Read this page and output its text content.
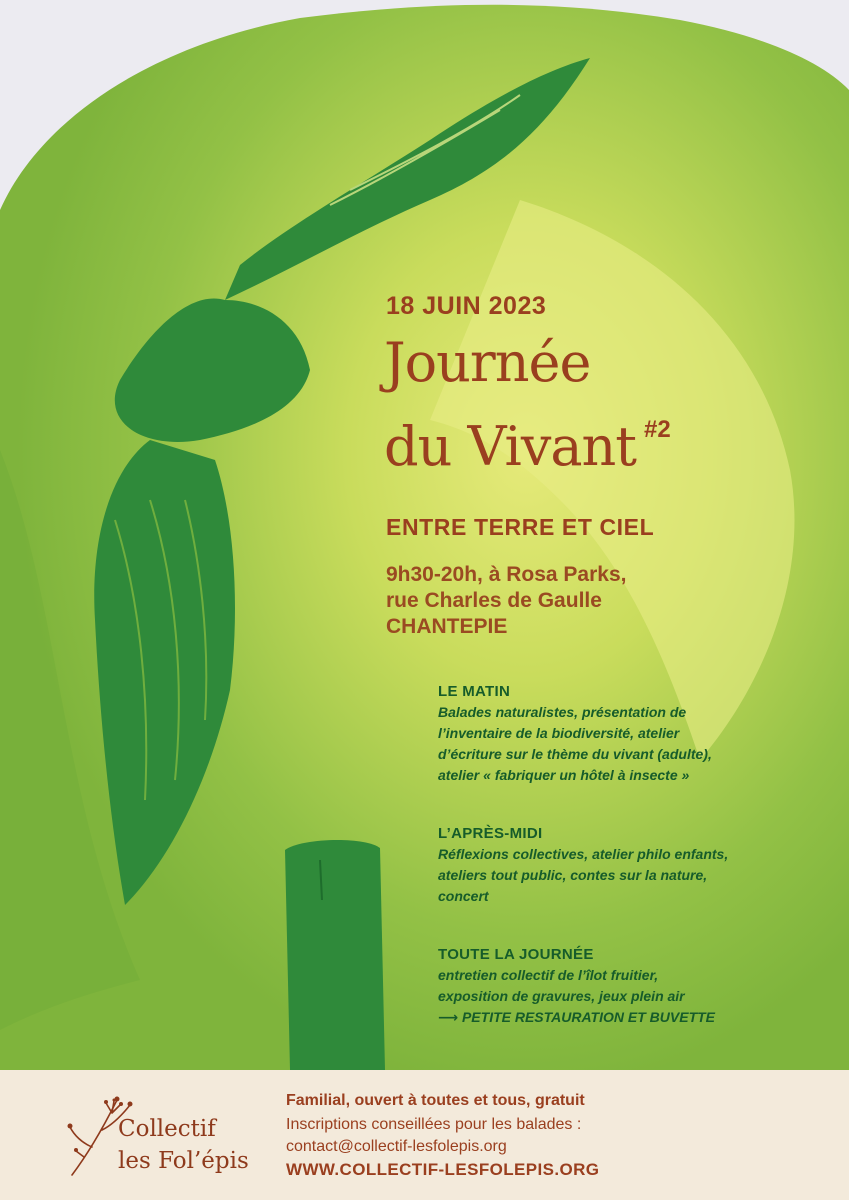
18 JUIN 2023
Journée
du Vivant $^{\#2}$
ENTRE TERRE ET CIEL
9h30-20h, à Rosa Parks,
rue Charles de Gaulle
CHANTEPIE
LE MATIN
Balades naturalistes, présentation de
l’inventaire de la biodiversité, atelier
d’écriture sur le thème du vivant (adulte),
atelier « fabriquer un hôtel à insecte »
L’APRÈS-MIDI
Réflexions collectives, atelier philo enfants,
ateliers tout public, contes sur la nature,
concert
TOUTE LA JOURNÉE
entretien collectif de l’îlot fruitier,
exposition de gravures, jeux plein air
⟶ PETITE RESTAURATION ET BUVETTE
Collectif
les Fol’épis
Familial, ouvert à toutes et tous, gratuit
Inscriptions conseillées pour les balades :
contact@collectif-lesfolepis.org
WWW.COLLECTIF-LESFOLEPIS.ORG
